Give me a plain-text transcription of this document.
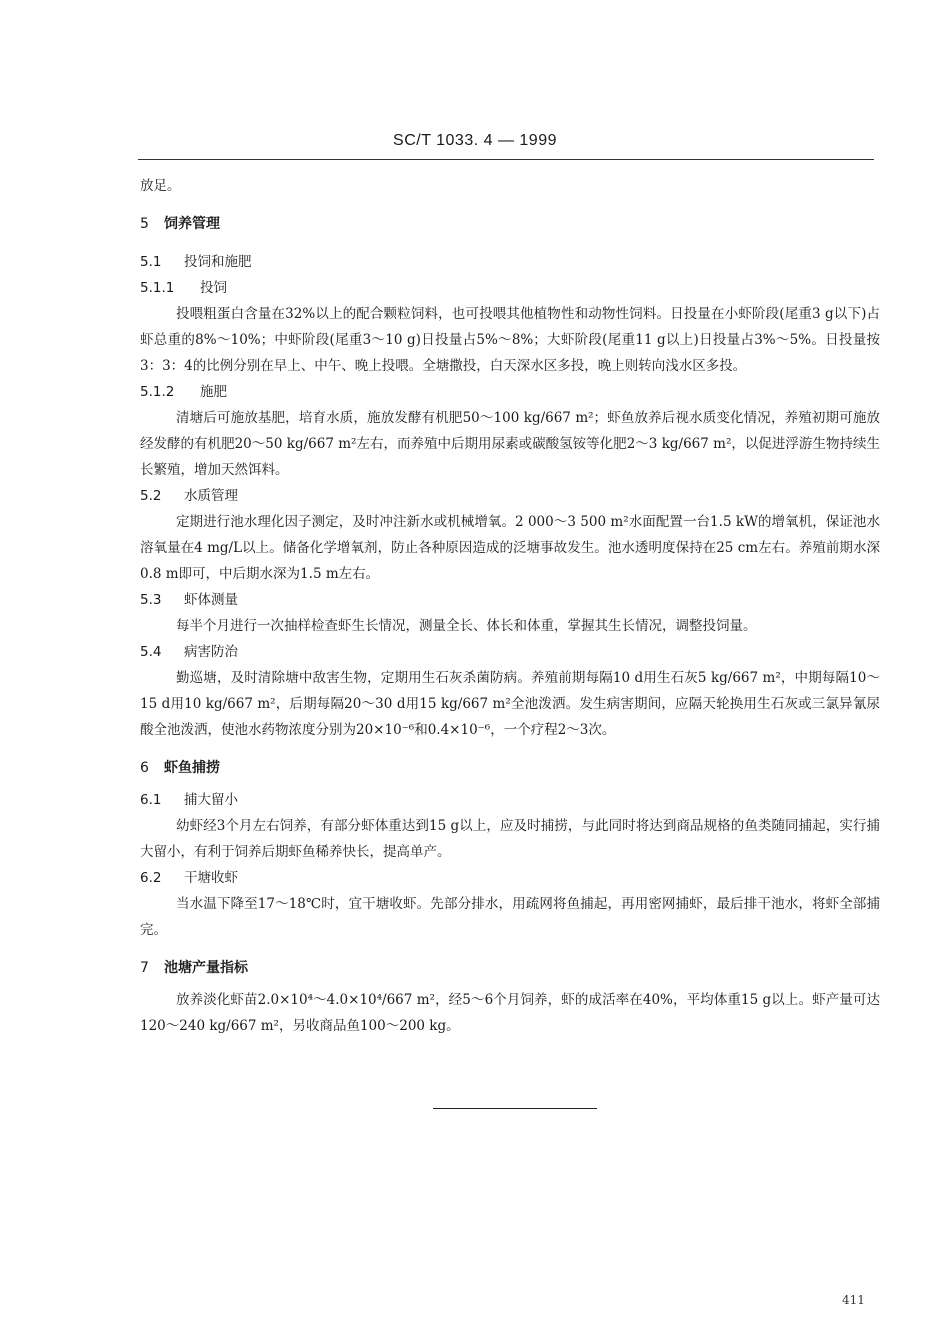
SC/T 1033. 4 — 1999
放足。
5 饲养管理
5.1 投饲和施肥
5.1.1 投饲
投喂粗蛋白含量在32%以上的配合颗粒饲料，也可投喂其他植物性和动物性饲料。日投量在小虾阶段(尾重3 g以下)占虾总重的8%～10%；中虾阶段(尾重3～10 g)日投量占5%～8%；大虾阶段(尾重11 g以上)日投量占3%～5%。日投量按3：3：4的比例分别在早上、中午、晚上投喂。全塘撒投，白天深水区多投，晚上则转向浅水区多投。
5.1.2 施肥
清塘后可施放基肥，培育水质，施放发酵有机肥50～100 kg/667 m²；虾鱼放养后视水质变化情况，养殖初期可施放经发酵的有机肥20～50 kg/667 m²左右，而养殖中后期用尿素或碳酸氢铵等化肥2～3 kg/667 m²，以促进浮游生物持续生长繁殖，增加天然饵料。
5.2 水质管理
定期进行池水理化因子测定，及时冲注新水或机械增氧。2 000～3 500 m²水面配置一台1.5 kW的增氧机，保证池水溶氧量在4 mg/L以上。储备化学增氧剂，防止各种原因造成的泛塘事故发生。池水透明度保持在25 cm左右。养殖前期水深0.8 m即可，中后期水深为1.5 m左右。
5.3 虾体测量
每半个月进行一次抽样检查虾生长情况，测量全长、体长和体重，掌握其生长情况，调整投饲量。
5.4 病害防治
勤巡塘，及时清除塘中敌害生物，定期用生石灰杀菌防病。养殖前期每隔10 d用生石灰5 kg/667 m²，中期每隔10～15 d用10 kg/667 m²，后期每隔20～30 d用15 kg/667 m²全池泼洒。发生病害期间，应隔天轮换用生石灰或三氯异氰尿酸全池泼洒，使池水药物浓度分别为20×10⁻⁶和0.4×10⁻⁶，一个疗程2～3次。
6 虾鱼捕捞
6.1 捕大留小
幼虾经3个月左右饲养，有部分虾体重达到15 g以上，应及时捕捞，与此同时将达到商品规格的鱼类随同捕起，实行捕大留小，有利于饲养后期虾鱼稀养快长，提高单产。
6.2 干塘收虾
当水温下降至17～18℃时，宜干塘收虾。先部分排水，用疏网将鱼捕起，再用密网捕虾，最后排干池水，将虾全部捕完。
7 池塘产量指标
放养淡化虾苗2.0×10⁴～4.0×10⁴/667 m²，经5～6个月饲养，虾的成活率在40%，平均体重15 g以上。虾产量可达120～240 kg/667 m²，另收商品鱼100～200 kg。
411
